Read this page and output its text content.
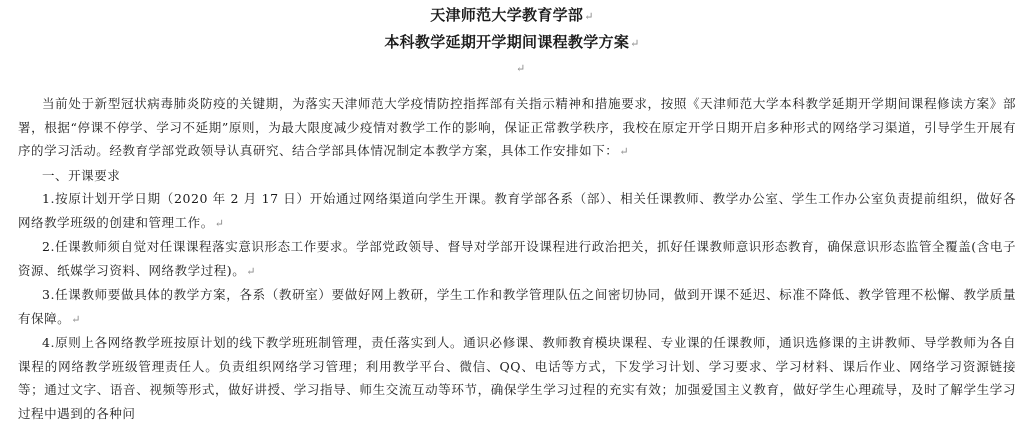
天津师范大学教育学部↵
本科教学延期开学期间课程教学方案↵
↵

当前处于新型冠状病毒肺炎防疫的关键期，为落实天津师范大学疫情防控指挥部有关指示精神和措施要求，按照《天津师范大学本科教学延期开学期间课程修读方案》部署，根据“停课不停学、学习不延期”原则，为最大限度减少疫情对教学工作的影响，保证正常教学秩序，我校在原定开学日期开启多种形式的网络学习渠道，引导学生开展有序的学习活动。经教育学部党政领导认真研究、结合学部具体情况制定本教学方案，具体工作安排如下：↵

一、开课要求

1.按原计划开学日期（2020 年 2 月 17 日）开始通过网络渠道向学生开课。教育学部各系（部）、相关任课教师、教学办公室、学生工作办公室负责提前组织，做好各网络教学班级的创建和管理工作。↵

2.任课教师须自觉对任课课程落实意识形态工作要求。学部党政领导、督导对学部开设课程进行政治把关，抓好任课教师意识形态教育，确保意识形态监管全覆盖(含电子资源、纸媒学习资料、网络教学过程)。↵

3.任课教师要做具体的教学方案，各系（教研室）要做好网上教研，学生工作和教学管理队伍之间密切协同，做到开课不延迟、标准不降低、教学管理不松懈、教学质量有保障。↵

4.原则上各网络教学班按原计划的线下教学班班制管理，责任落实到人。通识必修课、教师教育模块课程、专业课的任课教师，通识选修课的主讲教师、导学教师为各自课程的网络教学班级管理责任人。负责组织网络学习管理；利用教学平台、微信、QQ、电话等方式，下发学习计划、学习要求、学习材料、课后作业、网络学习资源链接等；通过文字、语音、视频等形式，做好讲授、学习指导、师生交流互动等环节，确保学生学习过程的充实有效；加强爱国主义教育，做好学生心理疏导，及时了解学生学习过程中遇到的各种问
